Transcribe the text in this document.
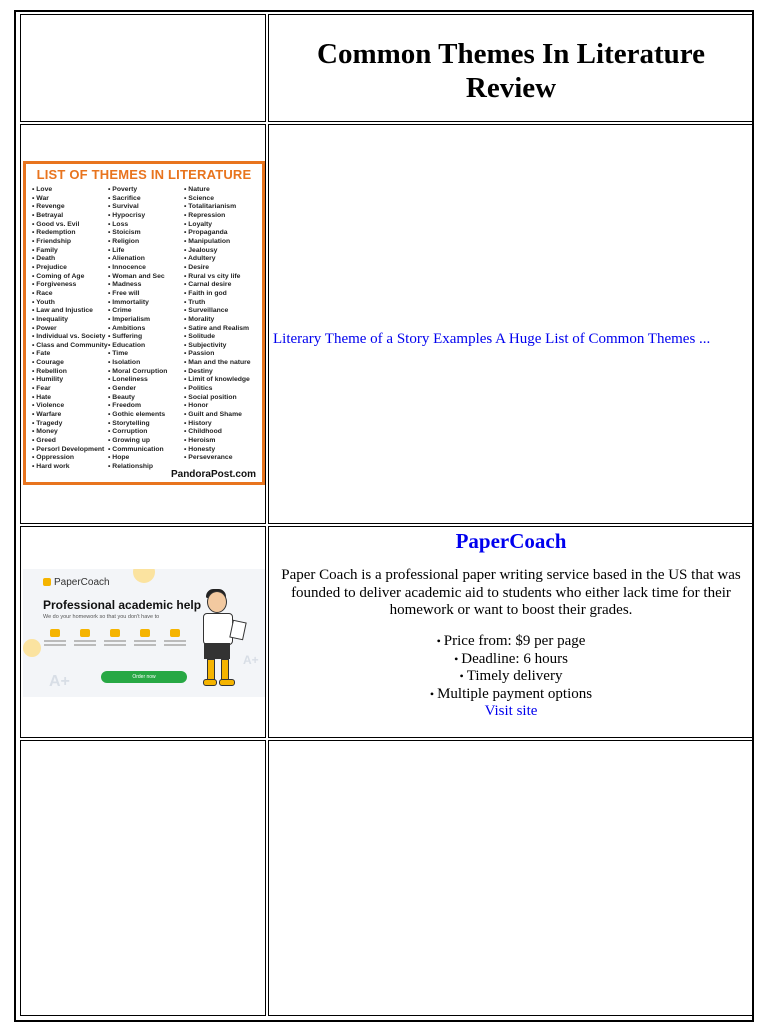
Common Themes In Literature Review
LIST OF THEMES IN LITERATURE
• Love
• War
• Revenge
• Betrayal
• Good vs. Evil
• Redemption
• Friendship
• Family
• Death
• Prejudice
• Coming of Age
• Forgiveness
• Race
• Youth
• Law and Injustice
• Inequality
• Power
• Individual vs. Society
• Class and Community
• Fate
• Courage
• Rebellion
• Humility
• Fear
• Hate
• Violence
• Warfare
• Tragedy
• Money
• Greed
• Persorl Development
• Oppression
• Hard work
• Poverty
• Sacrifice
• Survival
• Hypocrisy
• Loss
• Stoicism
• Religion
• Life
• Alienation
• Innocence
• Woman and Sec
• Madness
• Free will
• Immortality
• Crime
• Imperialism
• Ambitions
• Suffering
• Education
• Time
• Isolation
• Moral Corruption
• Loneliness
• Gender
• Beauty
• Freedom
• Gothic elements
• Storytelling
• Corruption
• Growing up
• Communication
• Hope
• Relationship
• Nature
• Science
• Totalitarianism
• Repression
• Loyalty
• Propaganda
• Manipulation
• Jealousy
• Adultery
• Desire
• Rural vs city life
• Carnal desire
• Faith in god
• Truth
• Surveillance
• Morality
• Satire and Realism
• Solitude
• Subjectivity
• Passion
• Man and the nature
• Destiny
• Limit of knowledge
• Politics
• Social position
• Honor
• Guilt and Shame
• History
• Childhood
• Heroism
• Honesty
• Perseverance
PandoraPost.com
Literary Theme of a Story Examples A Huge List of Common Themes ...
PaperCoach
Professional academic help
We do your homework so that you don't have to
A+
A+
Order now
PaperCoach
Paper Coach is a professional paper writing service based in the US that was founded to deliver academic aid to students who either lack time for their homework or want to boost their grades.
• Price from: $9 per page
• Deadline: 6 hours
• Timely delivery
• Multiple payment options
Visit site
